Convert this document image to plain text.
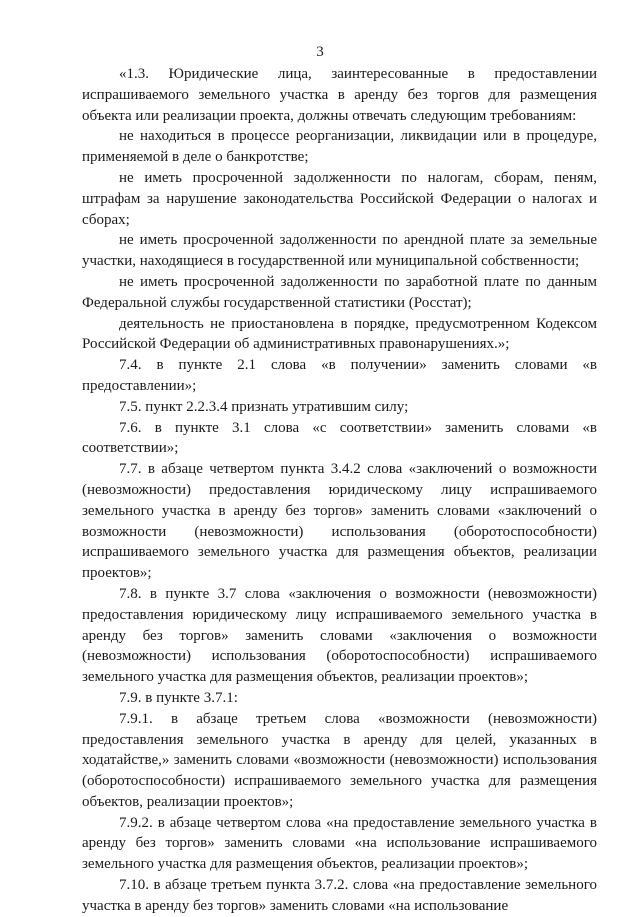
3

«1.3. Юридические лица, заинтересованные в предоставлении испрашиваемого земельного участка в аренду без торгов для размещения объекта или реализации проекта, должны отвечать следующим требованиям:

не находиться в процессе реорганизации, ликвидации или в процедуре, применяемой в деле о банкротстве;

не иметь просроченной задолженности по налогам, сборам, пеням, штрафам за нарушение законодательства Российской Федерации о налогах и сборах;

не иметь просроченной задолженности по арендной плате за земельные участки, находящиеся в государственной или муниципальной собственности;

не иметь просроченной задолженности по заработной плате по данным Федеральной службы государственной статистики (Росстат);

деятельность не приостановлена в порядке, предусмотренном Кодексом Российской Федерации об административных правонарушениях.»;

7.4. в пункте 2.1 слова «в получении» заменить словами «в предоставлении»;

7.5. пункт 2.2.3.4 признать утратившим силу;

7.6. в пункте 3.1 слова «с соответствии» заменить словами «в соответствии»;

7.7. в абзаце четвертом пункта 3.4.2 слова «заключений о возможности (невозможности) предоставления юридическому лицу испрашиваемого земельного участка в аренду без торгов» заменить словами «заключений о возможности (невозможности) использования (оборотоспособности) испрашиваемого земельного участка для размещения объектов, реализации проектов»;

7.8. в пункте 3.7 слова «заключения о возможности (невозможности) предоставления юридическому лицу испрашиваемого земельного участка в аренду без торгов» заменить словами «заключения о возможности (невозможности) использования (оборотоспособности) испрашиваемого земельного участка для размещения объектов, реализации проектов»;

7.9. в пункте 3.7.1:

7.9.1. в абзаце третьем слова «возможности (невозможности) предоставления земельного участка в аренду для целей, указанных в ходатайстве,» заменить словами «возможности (невозможности) использования (оборотоспособности) испрашиваемого земельного участка для размещения объектов, реализации проектов»;

7.9.2. в абзаце четвертом слова «на предоставление земельного участка в аренду без торгов» заменить словами «на использование испрашиваемого земельного участка для размещения объектов, реализации проектов»;

7.10. в абзаце третьем пункта 3.7.2. слова «на предоставление земельного участка в аренду без торгов» заменить словами «на использование
